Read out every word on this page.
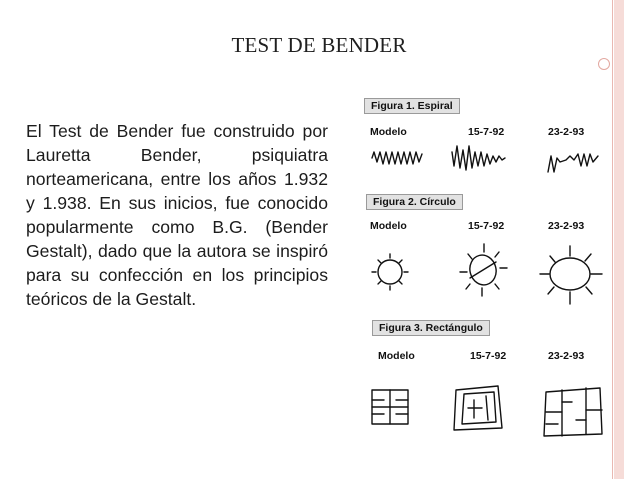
TEST DE BENDER
El Test de Bender fue construido por Lauretta Bender, psiquiatra norteamericana, entre los años 1.932 y 1.938. En sus inicios, fue conocido popularmente como B.G. (Bender Gestalt), dado que la autora se inspiró para su confección en los principios teóricos de la Gestalt.
Figura 1. Espiral
Modelo	15-7-92	23-2-93
Figura 2. Círculo
Modelo	15-7-92	23-2-93
Figura 3. Rectángulo
Modelo	15-7-92	23-2-93
